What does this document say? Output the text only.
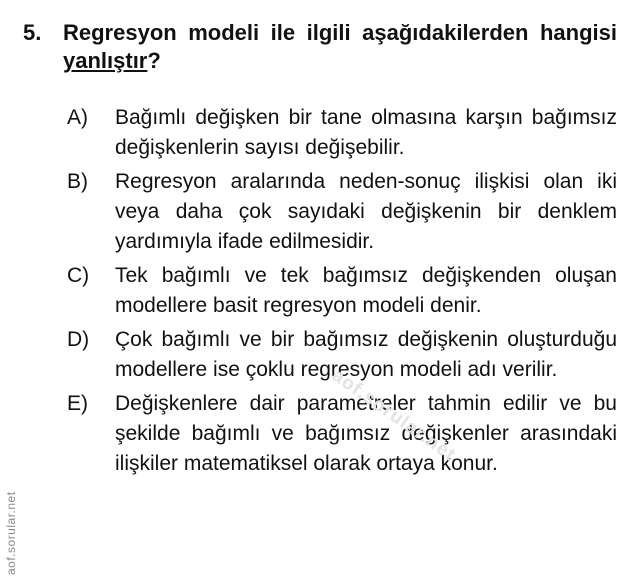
5. Regresyon modeli ile ilgili aşağıdakilerden hangisi yanlıştır?
A) Bağımlı değişken bir tane olmasına karşın bağımsız değişkenlerin sayısı değişebilir.
B) Regresyon aralarında neden-sonuç ilişkisi olan iki veya daha çok sayıdaki değişkenin bir denklem yardımıyla ifade edilmesidir.
C) Tek bağımlı ve tek bağımsız değişkenden oluşan modellere basit regresyon modeli denir.
D) Çok bağımlı ve bir bağımsız değişkenin oluşturduğu modellere ise çoklu regresyon modeli adı verilir.
E) Değişkenlere dair parametreler tahmin edilir ve bu şekilde bağımlı ve bağımsız değişkenler arasındaki ilişkiler matematiksel olarak ortaya konur.
aof.sorular.net
aof.sorular.net
